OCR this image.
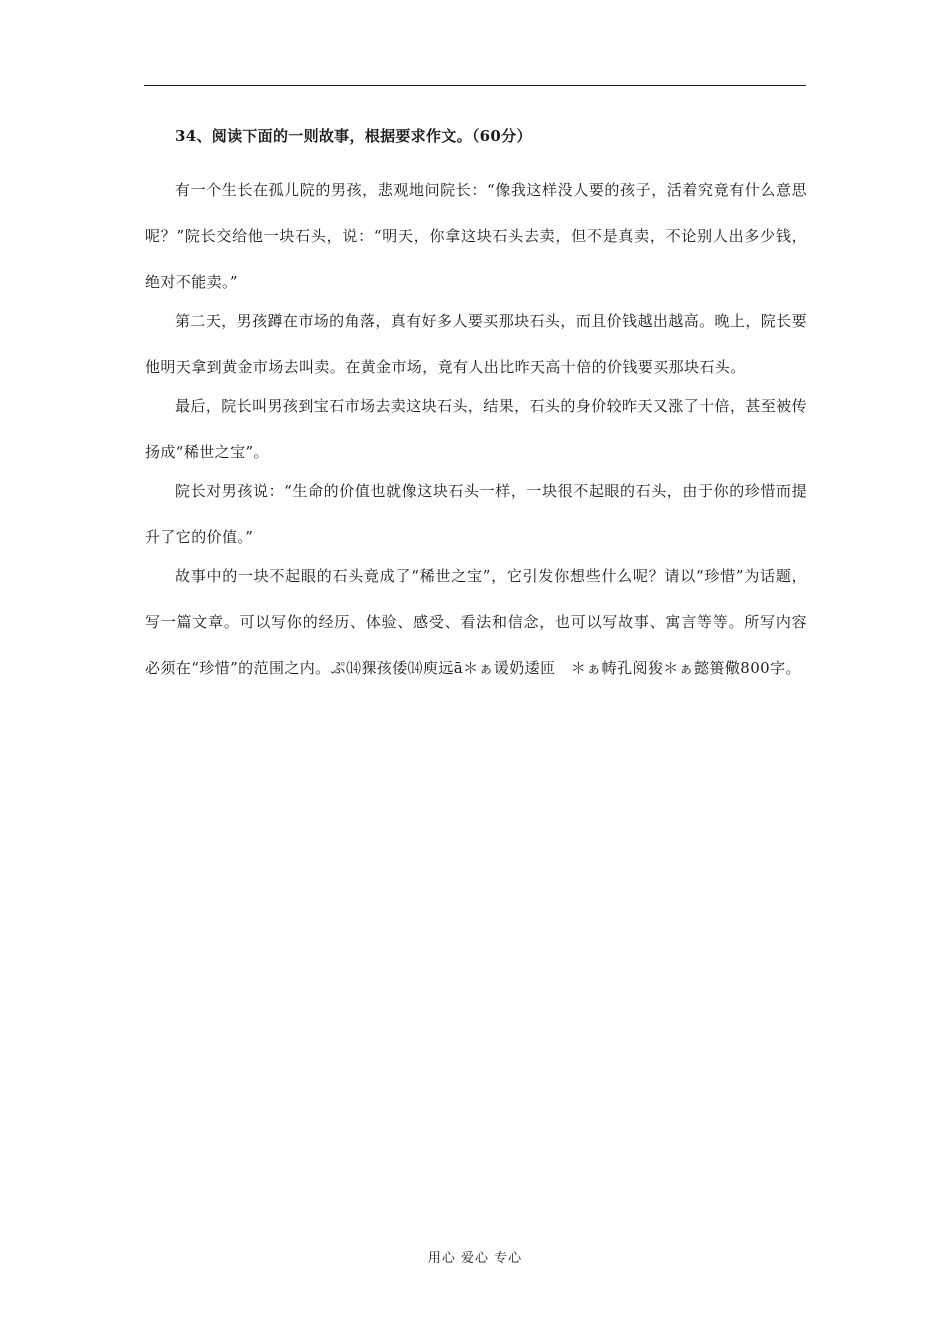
34、阅读下面的一则故事，根据要求作文。（60分）

有一个生长在孤儿院的男孩，悲观地问院长：“像我这样没人要的孩子，活着究竟有什么意思呢？”院长交给他一块石头，说：“明天，你拿这块石头去卖，但不是真卖，不论别人出多少钱，绝对不能卖。”

第二天，男孩蹲在市场的角落，真有好多人要买那块石头，而且价钱越出越高。晚上，院长要他明天拿到黄金市场去叫卖。在黄金市场，竟有人出比昨天高十倍的价钱要买那块石头。

最后，院长叫男孩到宝石市场去卖这块石头，结果，石头的身价较昨天又涨了十倍，甚至被传扬成“稀世之宝”。

院长对男孩说：“生命的价值也就像这块石头一样，一块很不起眼的石头，由于你的珍惜而提升了它的价值。”

故事中的一块不起眼的石头竟成了“稀世之宝”，它引发你想些什么呢？请以“珍惜”为话题，写一篇文章。可以写你的经历、体验、感受、看法和信念，也可以写故事、寓言等等。所写内容必须在“珍惜”的范围之内。ぷ⒁猓孩倭⒁庾远ā＊ぁ谖奶逶匝　＊ぁ帱孔阅狻＊ぁ懿篑儆800字。

用心 爱心 专心
